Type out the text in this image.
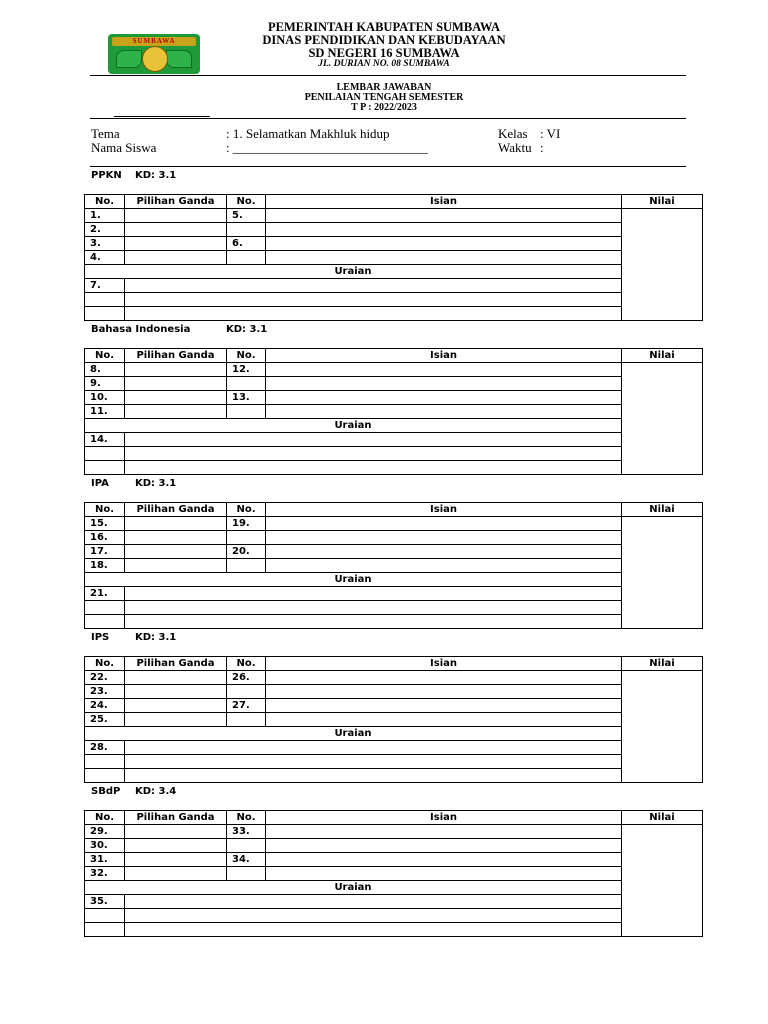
SUMBAWA
PEMERINTAH KABUPATEN SUMBAWA
DINAS PENDIDIKAN DAN KEBUDAYAAN
SD NEGERI 16 SUMBAWA
JL. DURIAN NO. 08 SUMBAWA
LEMBAR JAWABAN
PENILAIAN TENGAH SEMESTER
T P : 2022/2023
Tema	: 1. Selamatkan Makhluk hidup	Kelas : VI
Nama Siswa	: ______________________________	Waktu :
PPKN KD: 3.1
No.	Pilihan Ganda	No.	Isian	Nilai
1.		5.		
2.				
3.		6.		
4.				
Uraian				
7.				

Bahasa Indonesia	KD: 3.1
No.	Pilihan Ganda	No.	Isian	Nilai
8.		12.		
9.				
10.		13.		
11.				
Uraian				
14.				

IPA	KD: 3.1
No.	Pilihan Ganda	No.	Isian	Nilai
15.		19.		
16.				
17.		20.		
18.				
Uraian				
21.				

IPS	KD: 3.1
No.	Pilihan Ganda	No.	Isian	Nilai
22.		26.		
23.				
24.		27.		
25.				
Uraian				
28.				

SBdP KD: 3.4
No.	Pilihan Ganda	No.	Isian	Nilai
29.		33.		
30.				
31.		34.		
32.				
Uraian				
35.				
